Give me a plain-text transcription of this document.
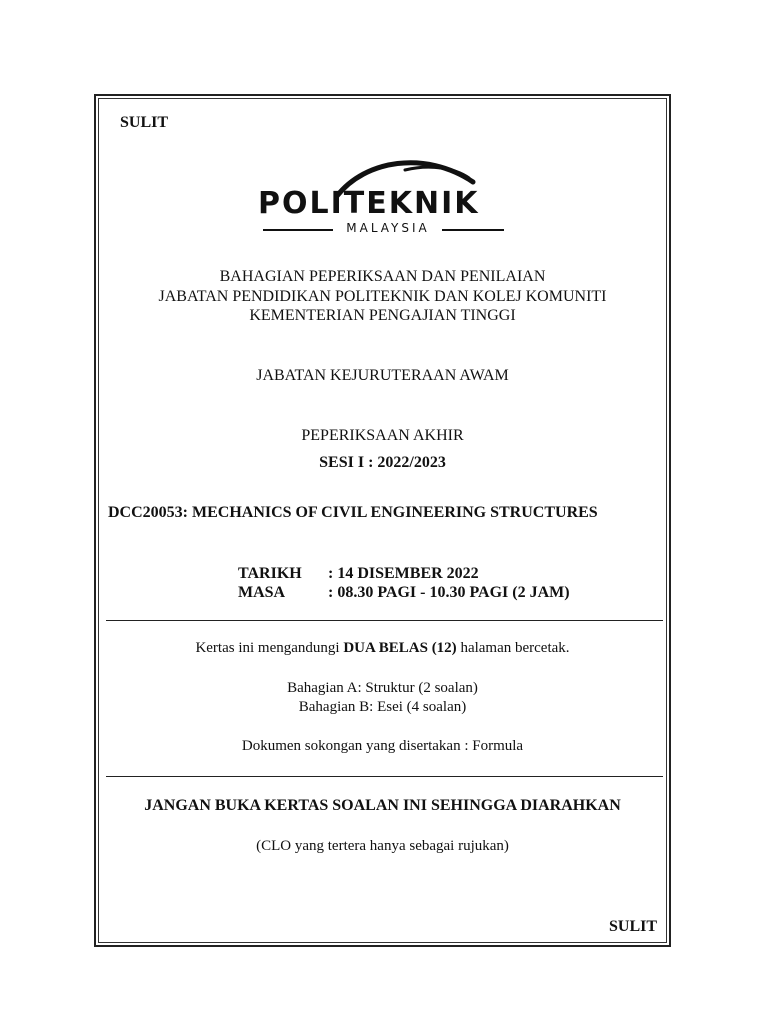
SULIT
POLITEKNIK
MALAYSIA
BAHAGIAN PEPERIKSAAN DAN PENILAIAN
JABATAN PENDIDIKAN POLITEKNIK DAN KOLEJ KOMUNITI
KEMENTERIAN PENGAJIAN TINGGI
JABATAN KEJURUTERAAN AWAM
PEPERIKSAAN AKHIR
SESI I : 2022/2023
DCC20053: MECHANICS OF CIVIL ENGINEERING STRUCTURES
TARIKH : 14 DISEMBER 2022
MASA	: 08.30 PAGI - 10.30 PAGI (2 JAM)
Kertas ini mengandungi DUA BELAS (12) halaman bercetak.
Bahagian A: Struktur (2 soalan)
Bahagian B: Esei (4 soalan)
Dokumen sokongan yang disertakan : Formula
JANGAN BUKA KERTAS SOALAN INI SEHINGGA DIARAHKAN
(CLO yang tertera hanya sebagai rujukan)
SULIT
